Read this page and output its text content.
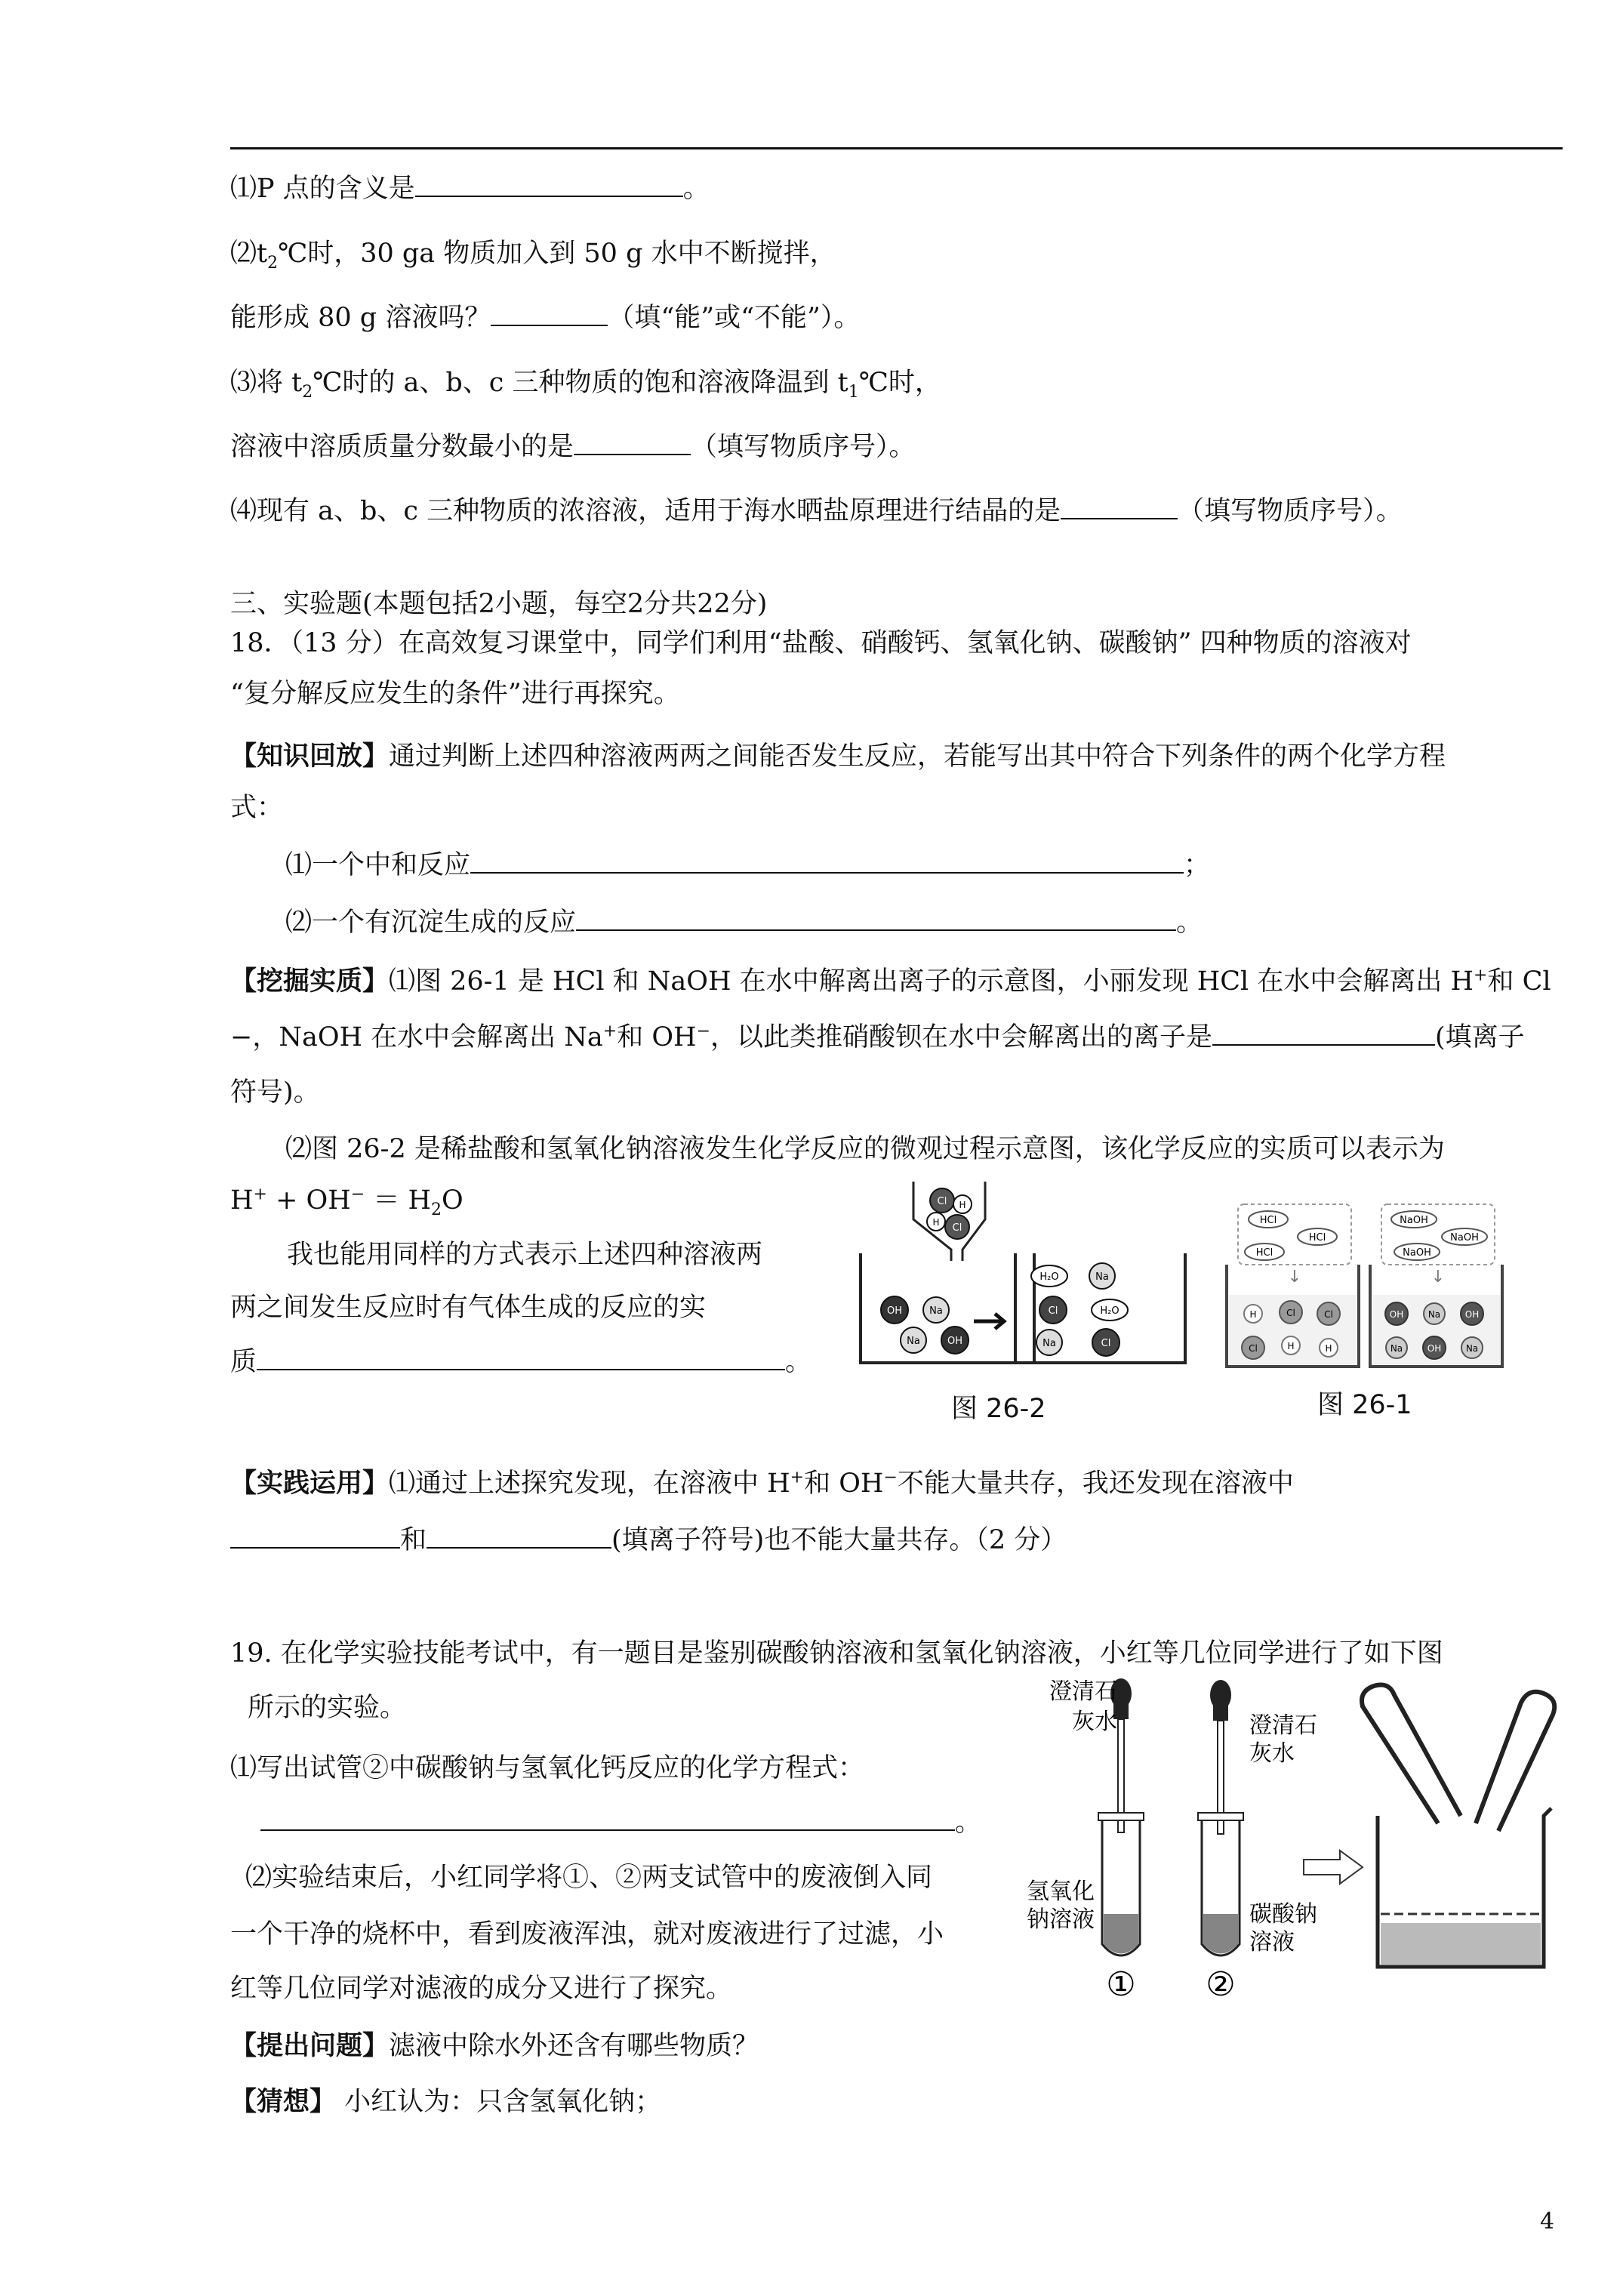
⑴P 点的含义是	。
$⑵t_2℃$时，30 ga 物质加入到 50 g 水中不断搅拌，
能形成 80 g 溶液吗？	（填“能”或“不能”）。
⑶将 $t_2℃$时的 a、b、c 三种物质的饱和溶液降温到 $t_1℃$时，
溶液中溶质质量分数最小的是	（填写物质序号）。
⑷现有 a、b、c 三种物质的浓溶液，适用于海水晒盐原理进行结晶的是	（填写物质序号）。
三、实验题(本题包括2小题，每空2分共22分)
18．（13 分）在高效复习课堂中，同学们利用“盐酸、硝酸钙、氢氧化钠、碳酸钠” 四种物质的溶液对
“复分解反应发生的条件”进行再探究。
【知识回放】通过判断上述四种溶液两两之间能否发生反应，若能写出其中符合下列条件的两个化学方程
式：
⑴一个中和反应	；
⑵一个有沉淀生成的反应	。
【挖掘实质】⑴图 26-1 是 HCl 和 NaOH 在水中解离出离子的示意图，小丽发现 HCl 在水中会解离出 H+和 Cl
−，NaOH 在水中会解离出 Na+和 OH−，以此类推硝酸钡在水中会解离出的离子是	(填离子
符号)。
⑵图 26-2 是稀盐酸和氢氧化钠溶液发生化学反应的微观过程示意图，该化学反应的实质可以表示为
$H^+ + OH^- = H_2O$
我也能用同样的方式表示上述四种溶液两
两之间发生反应时有气体生成的反应的实
质	。
Cl H
H Cl
OH	Na
Na	OH
H₂O	Na
Cl	H₂O
Na	Cl
图 26-2
HCl
HCl
HCl
↓
H	Cl	Cl
Cl	H	H
NaOH
NaOH
NaOH
↓
OH	Na	OH
Na	OH	Na
图 26-1
【实践运用】⑴通过上述探究发现，在溶液中 H+和 OH−不能大量共存，我还发现在溶液中
和	(填离子符号)也不能大量共存。（2 分）
19. 在化学实验技能考试中，有一题目是鉴别碳酸钠溶液和氢氧化钠溶液，小红等几位同学进行了如下图
所示的实验。
⑴写出试管②中碳酸钠与氢氧化钙反应的化学方程式：
。
⑵实验结束后，小红同学将①、②两支试管中的废液倒入同
一个干净的烧杯中，看到废液浑浊，就对废液进行了过滤，小
红等几位同学对滤液的成分又进行了探究。
【提出问题】滤液中除水外还含有哪些物质？
【猜想】 小红认为：只含氢氧化钠；
澄清石
灰水
氢氧化
钠溶液
①
澄清石
灰水
碳酸钠
溶液
②
4
